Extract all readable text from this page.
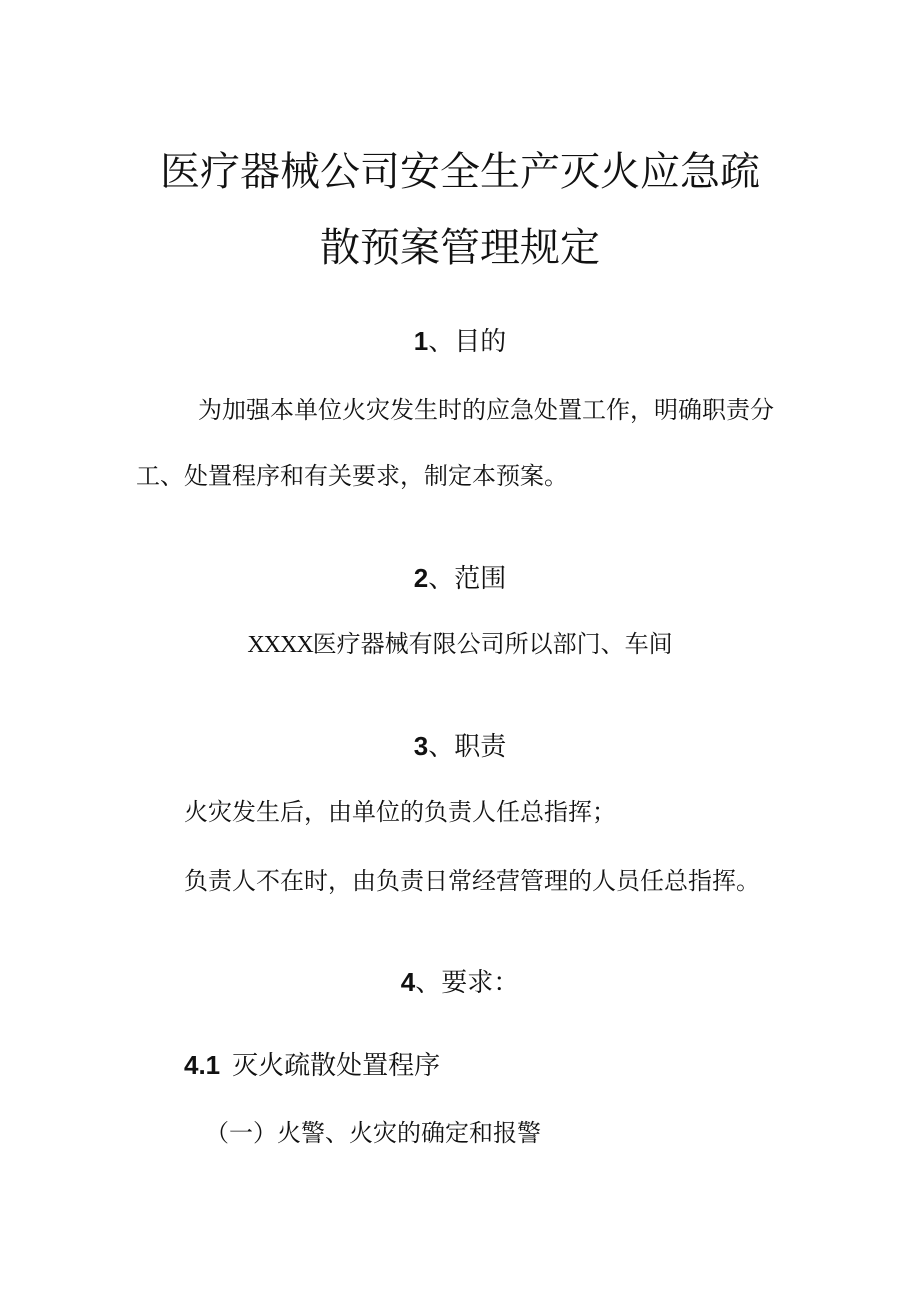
医疗器械公司安全生产灭火应急疏
散预案管理规定
1、目的
为加强本单位火灾发生时的应急处置工作，明确职责分
工、处置程序和有关要求，制定本预案。
2、范围
XXXX医疗器械有限公司所以部门、车间
3、职责
火灾发生后，由单位的负责人任总指挥；
负责人不在时，由负责日常经营管理的人员任总指挥。
4、要求：
4.1 灭火疏散处置程序
（一）火警、火灾的确定和报警
